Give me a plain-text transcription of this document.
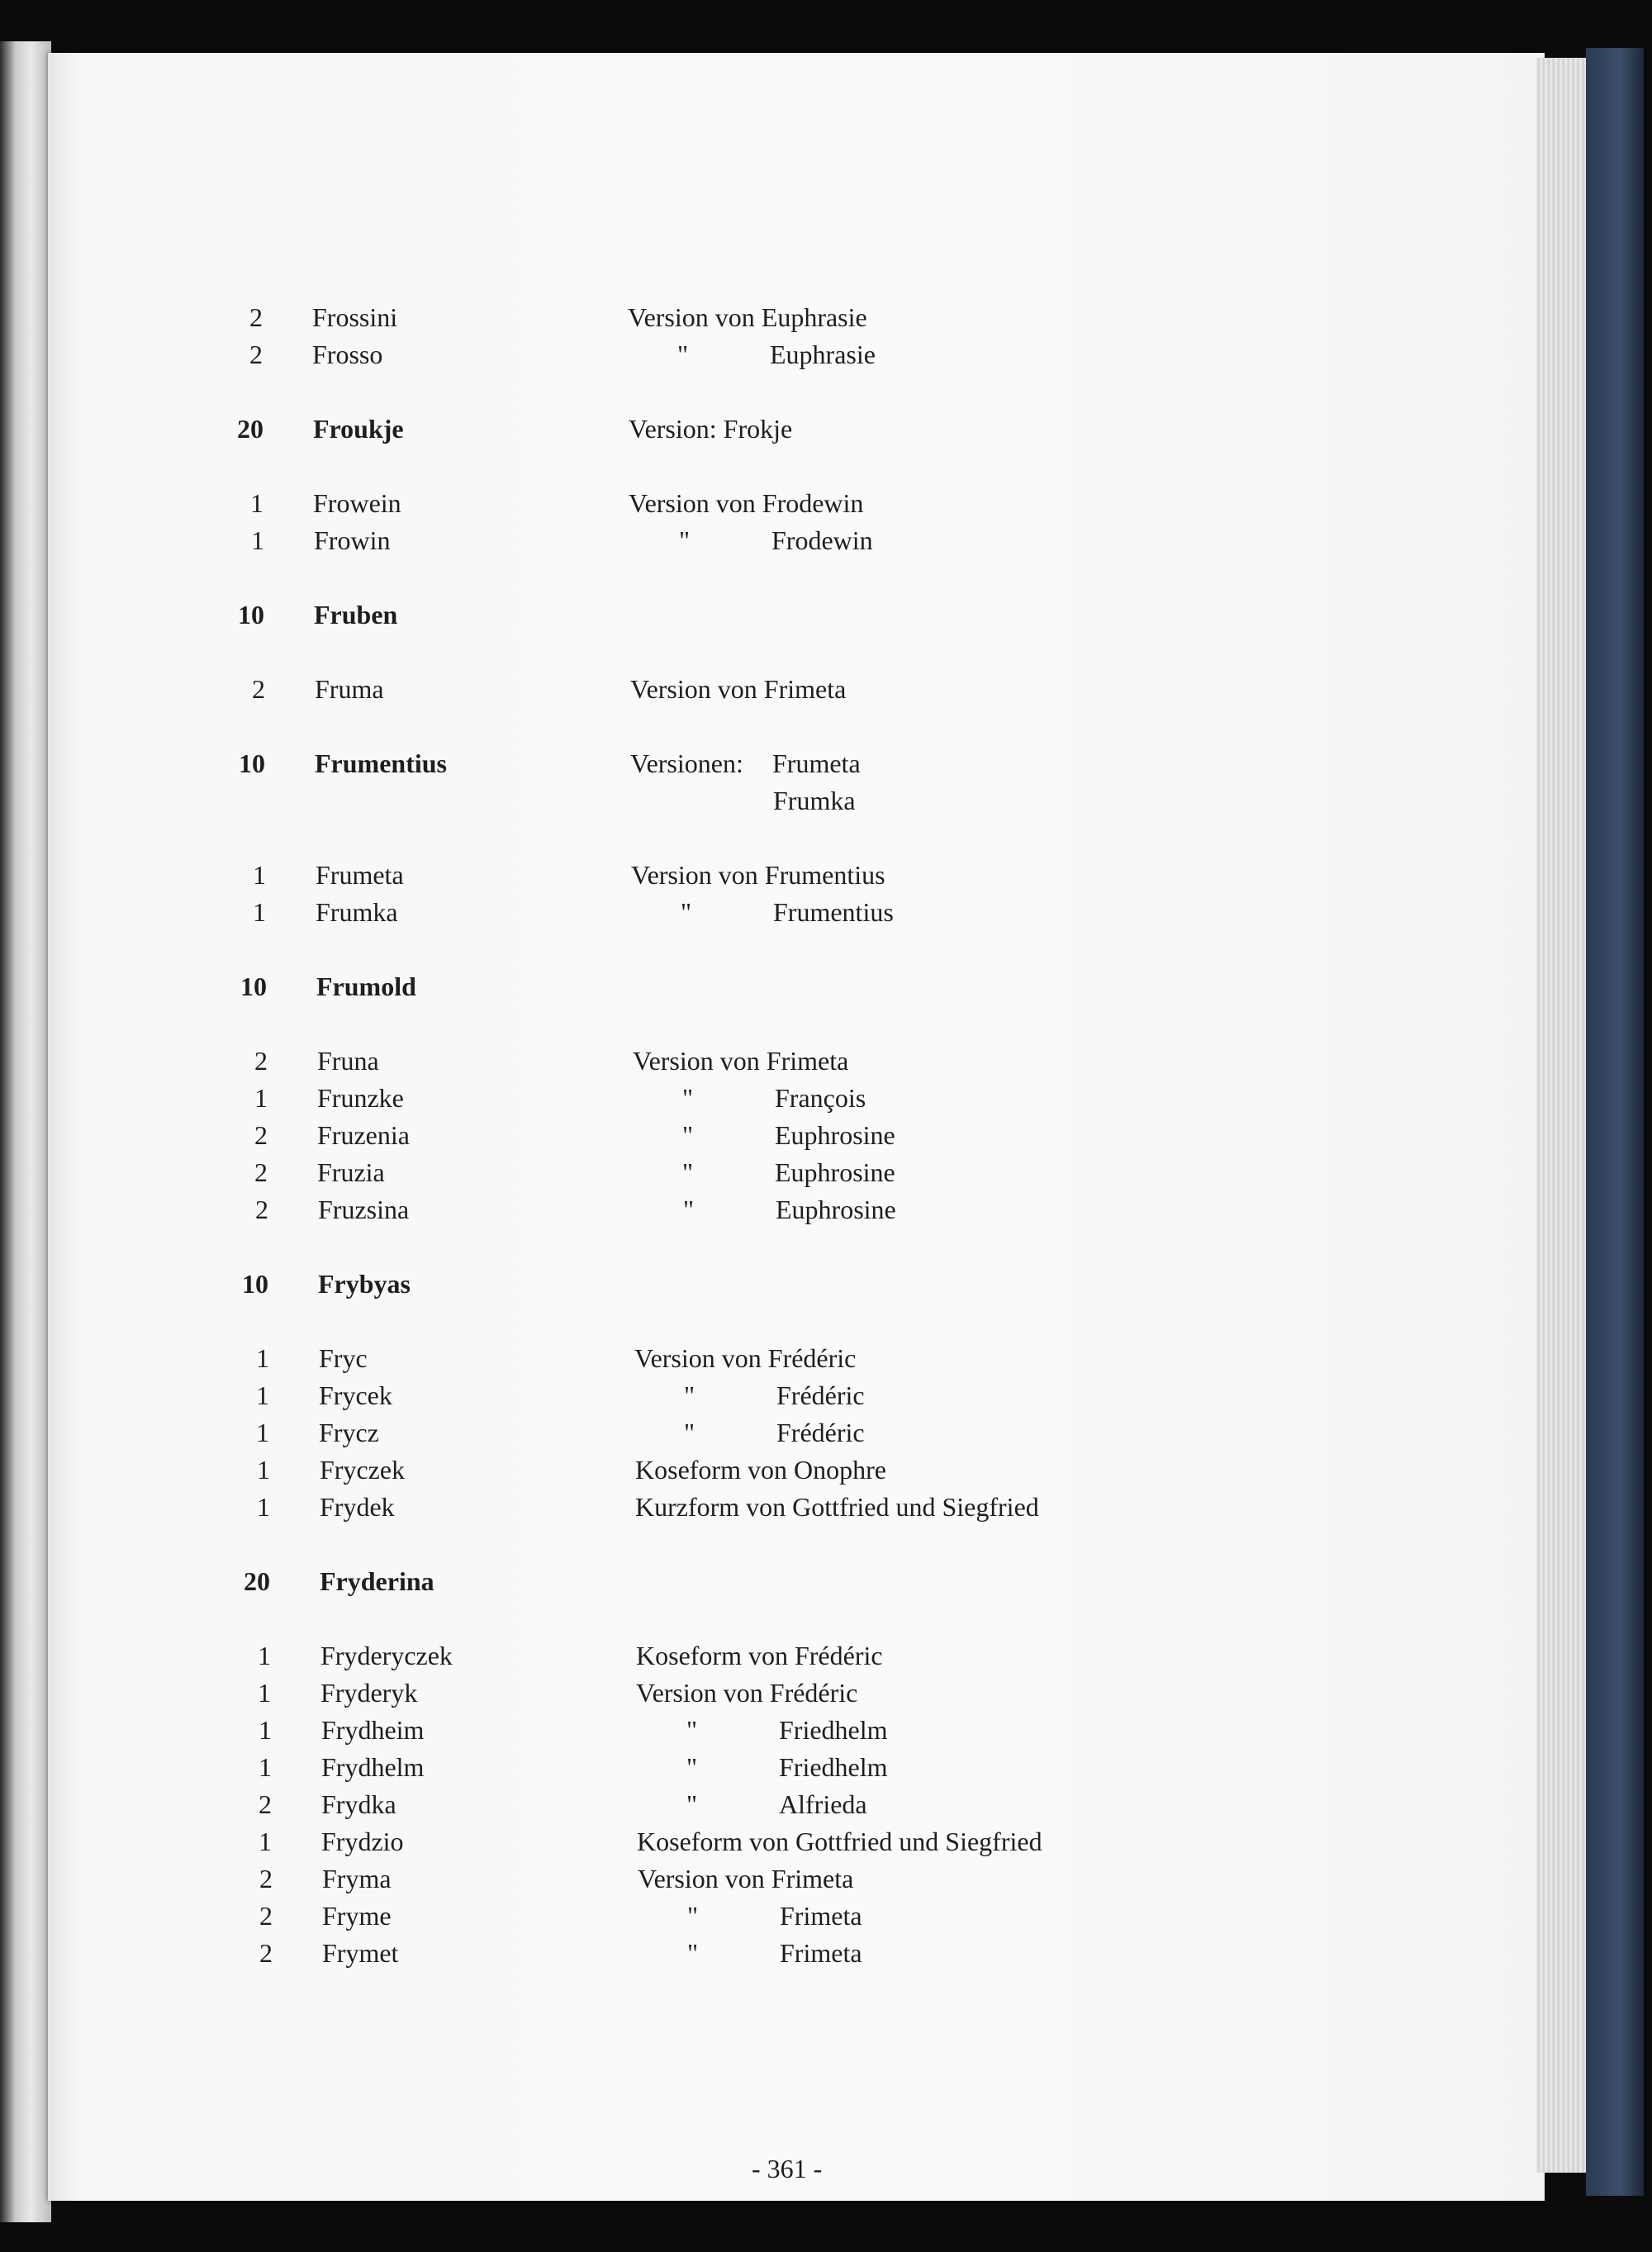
2 Frossini	Version von Euphrasie
2 Frosso	"	Euphrasie
20 Froukje	Version: Frokje
1 Frowein	Version von Frodewin
1 Frowin	"	Frodewin
10 Fruben
2 Fruma	Version von Frimeta
10 Frumentius	Versionen: Frumeta
Frumka
1 Frumeta	Version von Frumentius
1 Frumka	"	Frumentius
10 Frumold
2 Fruna	Version von Frimeta
1 Frunzke	"	François
2 Fruzenia	"	Euphrosine
2 Fruzia	"	Euphrosine
2 Fruzsina	"	Euphrosine
10 Frybyas
1 Fryc	Version von Frédéric
1 Frycek	"	Frédéric
1 Frycz	"	Frédéric
1 Fryczek	Koseform von Onophre
1 Frydek	Kurzform von Gottfried und Siegfried
20 Fryderina
1 Fryderyczek	Koseform von Frédéric
1 Fryderyk	Version von Frédéric
1 Frydheim	"	Friedhelm
1 Frydhelm	"	Friedhelm
2 Frydka	"	Alfrieda
1 Frydzio	Koseform von Gottfried und Siegfried
2 Fryma	Version von Frimeta
2 Fryme	"	Frimeta
2 Frymet	"	Frimeta
- 361 -
